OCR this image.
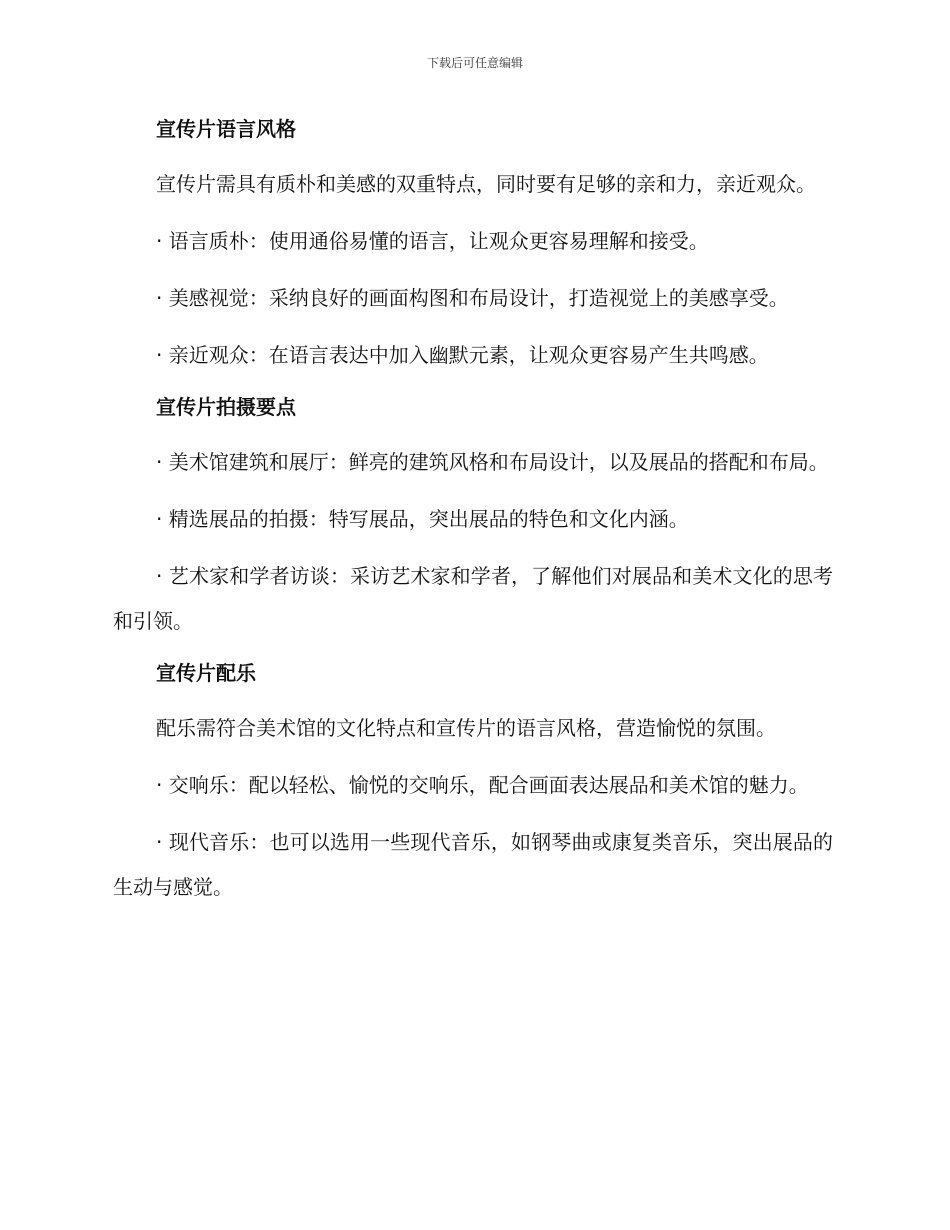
下载后可任意编辑
宣传片语言风格

宣传片需具有质朴和美感的双重特点，同时要有足够的亲和力，亲近观众。

· 语言质朴：使用通俗易懂的语言，让观众更容易理解和接受。

· 美感视觉：采纳良好的画面构图和布局设计，打造视觉上的美感享受。

· 亲近观众：在语言表达中加入幽默元素，让观众更容易产生共鸣感。

宣传片拍摄要点

· 美术馆建筑和展厅：鲜亮的建筑风格和布局设计，以及展品的搭配和布局。

· 精选展品的拍摄：特写展品，突出展品的特色和文化内涵。

· 艺术家和学者访谈：采访艺术家和学者，了解他们对展品和美术文化的思考和引领。

宣传片配乐

配乐需符合美术馆的文化特点和宣传片的语言风格，营造愉悦的氛围。

· 交响乐：配以轻松、愉悦的交响乐，配合画面表达展品和美术馆的魅力。

· 现代音乐：也可以选用一些现代音乐，如钢琴曲或康复类音乐，突出展品的生动与感觉。
